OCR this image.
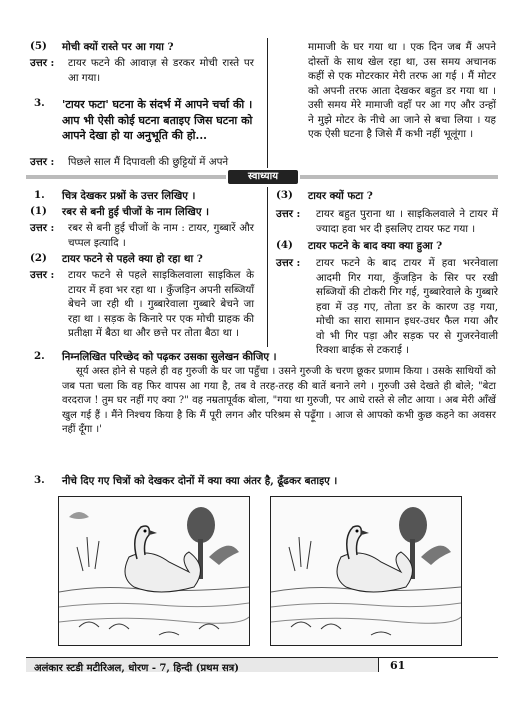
(5) मोची क्यों रास्ते पर आ गया ?
उत्तर : टायर फटने की आवाज़ से डरकर मोची रास्ते पर आ गया।
3. 'टायर फटा' घटना के संदर्भ में आपने चर्चा की । आप भी ऐसी कोई घटना बताइए जिस घटना को आपने देखा हो या अनुभूति की हो...
उत्तर : पिछले साल मैं दिपावली की छुट्टियों में अपने
मामाजी के घर गया था । एक दिन जब मैं अपने दोस्तों के साथ खेल रहा था, उस समय अचानक कहीं से एक मोटरकार मेरी तरफ आ गई । मैं मोटर को अपनी तरफ आता देखकर बहुत डर गया था । उसी समय मेरे मामाजी वहाँ पर आ गए और उन्हों ने मुझे मोटर के नीचे आ जाने से बचा लिया । यह एक ऐसी घटना है जिसे मैं कभी नहीं भूलूंगा ।
स्वाध्याय
1. चित्र देखकर प्रश्नों के उत्तर लिखिए ।
(1) रबर से बनी हुई चीजों के नाम लिखिए ।
उत्तर : रबर से बनी हुई चीजों के नाम : टायर, गुब्बारें और चप्पल इत्यादि ।
(2) टायर फटने से पहले क्या हो रहा था ?
उत्तर : टायर फटने से पहले साइकिलवाला साइकिल के टायर में हवा भर रहा था । कुँजड़िन अपनी सब्जियाँ बेचने जा रही थी । गुब्बारेवाला गुब्बारे बेचने जा रहा था । सड़क के किनारे पर एक मोची ग्राहक की प्रतीक्षा में बैठा था और छत्ते पर तोता बैठा था ।
(3) टायर क्यों फटा ?
उत्तर : टायर बहुत पुराना था । साइकिलवाले ने टायर में ज्यादा हवा भर दी इसलिए टायर फट गया ।
(4) टायर फटने के बाद क्या क्या हुआ ?
उत्तर : टायर फटने के बाद टायर में हवा भरनेवाला आदमी गिर गया, कुँजड़िन के सिर पर रखी सब्जियों की टोकरी गिर गई, गुब्बारेवाले के गुब्बारे हवा में उड़ गए, तोता डर के कारण उड़ गया, मोची का सारा सामान इधर-उधर फैल गया और वो भी गिर पड़ा और सड़क पर से गुजरनेवाली रिक्शा बाईक से टकराई ।
2. निम्नलिखित परिच्छेद को पढ़कर उसका सुलेखन कीजिए ।
सूर्य अस्त होने से पहले ही वह गुरुजी के घर जा पहुँचा । उसने गुरुजी के चरण छूकर प्रणाम किया । उसके साथियों को जब पता चला कि वह फिर वापस आ गया है, तब वे तरह-तरह की बातें बनाने लगे । गुरुजी उसे देखते ही बोले; "बेटा वरदराज ! तुम घर नहीं गए क्या ?" वह नम्रतापूर्वक बोला, "गया था गुरुजी, पर आधे रास्ते से लौट आया । अब मेरी आँखें खुल गई हैं । मैंने निश्चय किया है कि मैं पूरी लगन और परिश्रम से पढ़ूँगा । आज से आपको कभी कुछ कहने का अवसर नहीं दूँगा ।'
3. नीचे दिए गए चित्रों को देखकर दोनों में क्या क्या अंतर है, ढूँढकर बताइए ।
अलंकार स्टडी मटीरिअल, धोरण - 7, हिन्दी (प्रथम सत्र)	61
